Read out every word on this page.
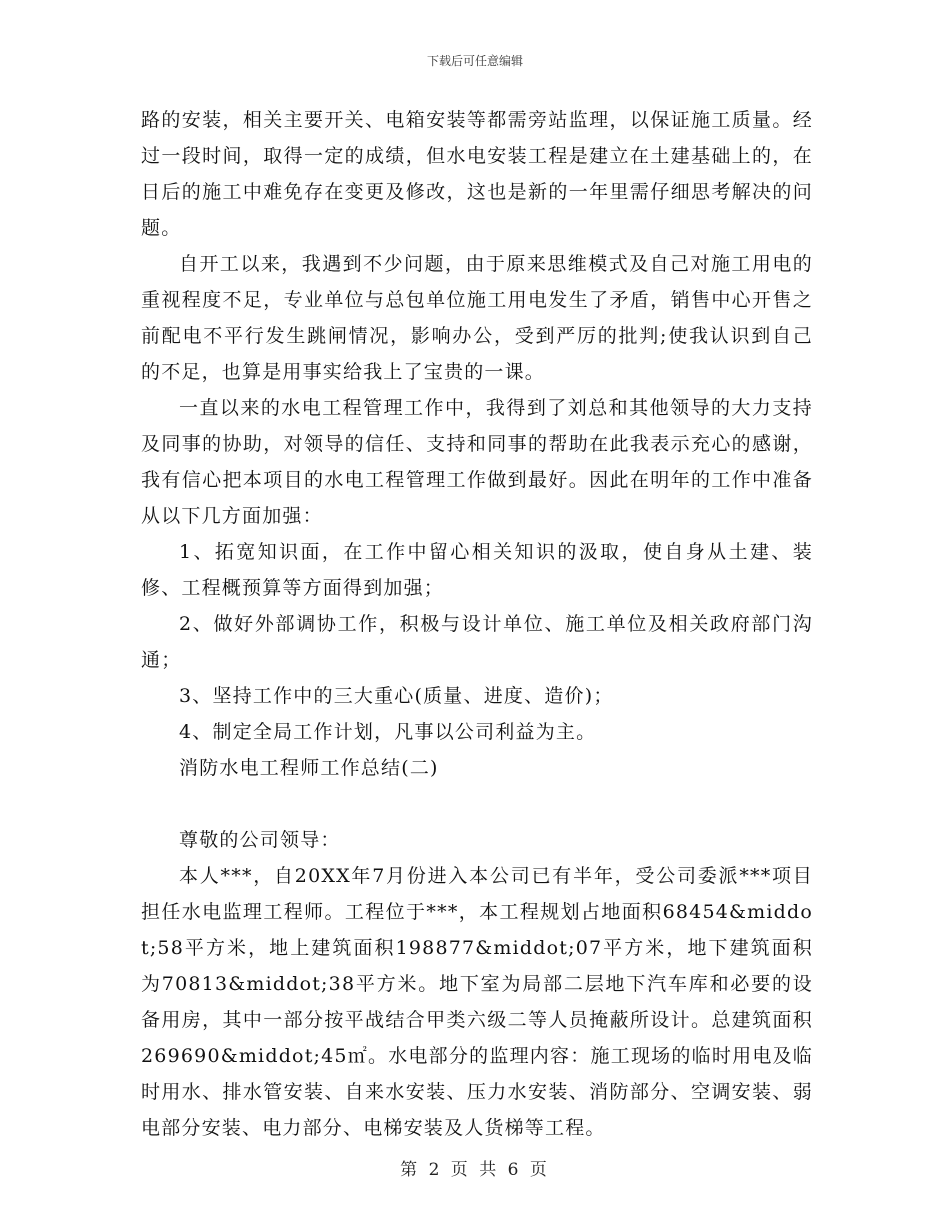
下载后可任意编辑

路的安装，相关主要开关、电箱安装等都需旁站监理，以保证施工质量。经过一段时间，取得一定的成绩，但水电安装工程是建立在土建基础上的，在日后的施工中难免存在变更及修改，这也是新的一年里需仔细思考解决的问题。

自开工以来，我遇到不少问题，由于原来思维模式及自己对施工用电的重视程度不足，专业单位与总包单位施工用电发生了矛盾，销售中心开售之前配电不平行发生跳闸情况，影响办公，受到严厉的批判;使我认识到自己的不足，也算是用事实给我上了宝贵的一课。

一直以来的水电工程管理工作中，我得到了刘总和其他领导的大力支持及同事的协助，对领导的信任、支持和同事的帮助在此我表示充心的感谢，我有信心把本项目的水电工程管理工作做到最好。因此在明年的工作中准备从以下几方面加强：

1、拓宽知识面，在工作中留心相关知识的汲取，使自身从土建、装修、工程概预算等方面得到加强；

2、做好外部调协工作，积极与设计单位、施工单位及相关政府部门沟通；

3、坚持工作中的三大重心(质量、进度、造价)；

4、制定全局工作计划，凡事以公司利益为主。

消防水电工程师工作总结(二)

尊敬的公司领导：

本人***，自20XX年7月份进入本公司已有半年，受公司委派***项目担任水电监理工程师。工程位于***，本工程规划占地面积68454&middot;58平方米，地上建筑面积198877&middot;07平方米，地下建筑面积为70813&middot;38平方米。地下室为局部二层地下汽车库和必要的设备用房，其中一部分按平战结合甲类六级二等人员掩蔽所设计。总建筑面积269690&middot;45㎡。水电部分的监理内容：施工现场的临时用电及临时用水、排水管安装、自来水安装、压力水安装、消防部分、空调安装、弱电部分安装、电力部分、电梯安装及人货梯等工程。

第 2 页 共 6 页
